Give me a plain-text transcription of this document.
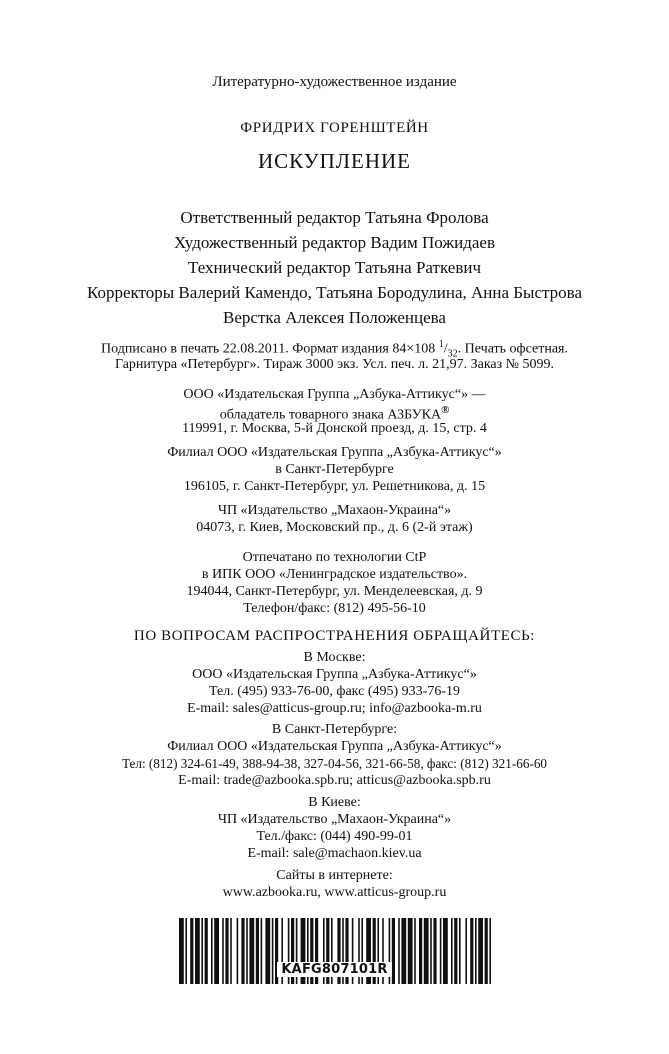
Литературно-художественное издание
ФРИДРИХ ГОРЕНШТЕЙН
ИСКУПЛЕНИЕ
Ответственный редактор Татьяна Фролова
Художественный редактор Вадим Пожидаев
Технический редактор Татьяна Раткевич
Корректоры Валерий Камендо, Татьяна Бородулина, Анна Быстрова
Верстка Алексея Положенцева
Подписано в печать 22.08.2011. Формат издания 84×108 $^1/_{32}$. Печать офсетная.
Гарнитура «Петербург». Тираж 3000 экз. Усл. печ. л. 21,97. Заказ № 5099.
ООО «Издательская Группа „Азбука-Аттикус“» —
обладатель товарного знака АЗБУКА®
119991, г. Москва, 5-й Донской проезд, д. 15, стр. 4
Филиал ООО «Издательская Группа „Азбука-Аттикус“»
в Санкт-Петербурге
196105, г. Санкт-Петербург, ул. Решетникова, д. 15
ЧП «Издательство „Махаон-Украина“»
04073, г. Киев, Московский пр., д. 6 (2-й этаж)
Отпечатано по технологии CtP
в ИПК ООО «Ленинградское издательство».
194044, Санкт-Петербург, ул. Менделеевская, д. 9
Телефон/факс: (812) 495-56-10
ПО ВОПРОСАМ РАСПРОСТРАНЕНИЯ ОБРАЩАЙТЕСЬ:
В Москве:
ООО «Издательская Группа „Азбука-Аттикус“»
Тел. (495) 933-76-00, факс (495) 933-76-19
E-mail: sales@atticus-group.ru; info@azbooka-m.ru
В Санкт-Петербурге:
Филиал ООО «Издательская Группа „Азбука-Аттикус“»
Тел: (812) 324-61-49, 388-94-38, 327-04-56, 321-66-58, факс: (812) 321-66-60
E-mail: trade@azbooka.spb.ru; atticus@azbooka.spb.ru
В Киеве:
ЧП «Издательство „Махаон-Украина“»
Тел./факс: (044) 490-99-01
E-mail: sale@machaon.kiev.ua
Сайты в интернете:
www.azbooka.ru, www.atticus-group.ru
KAFG807101R
